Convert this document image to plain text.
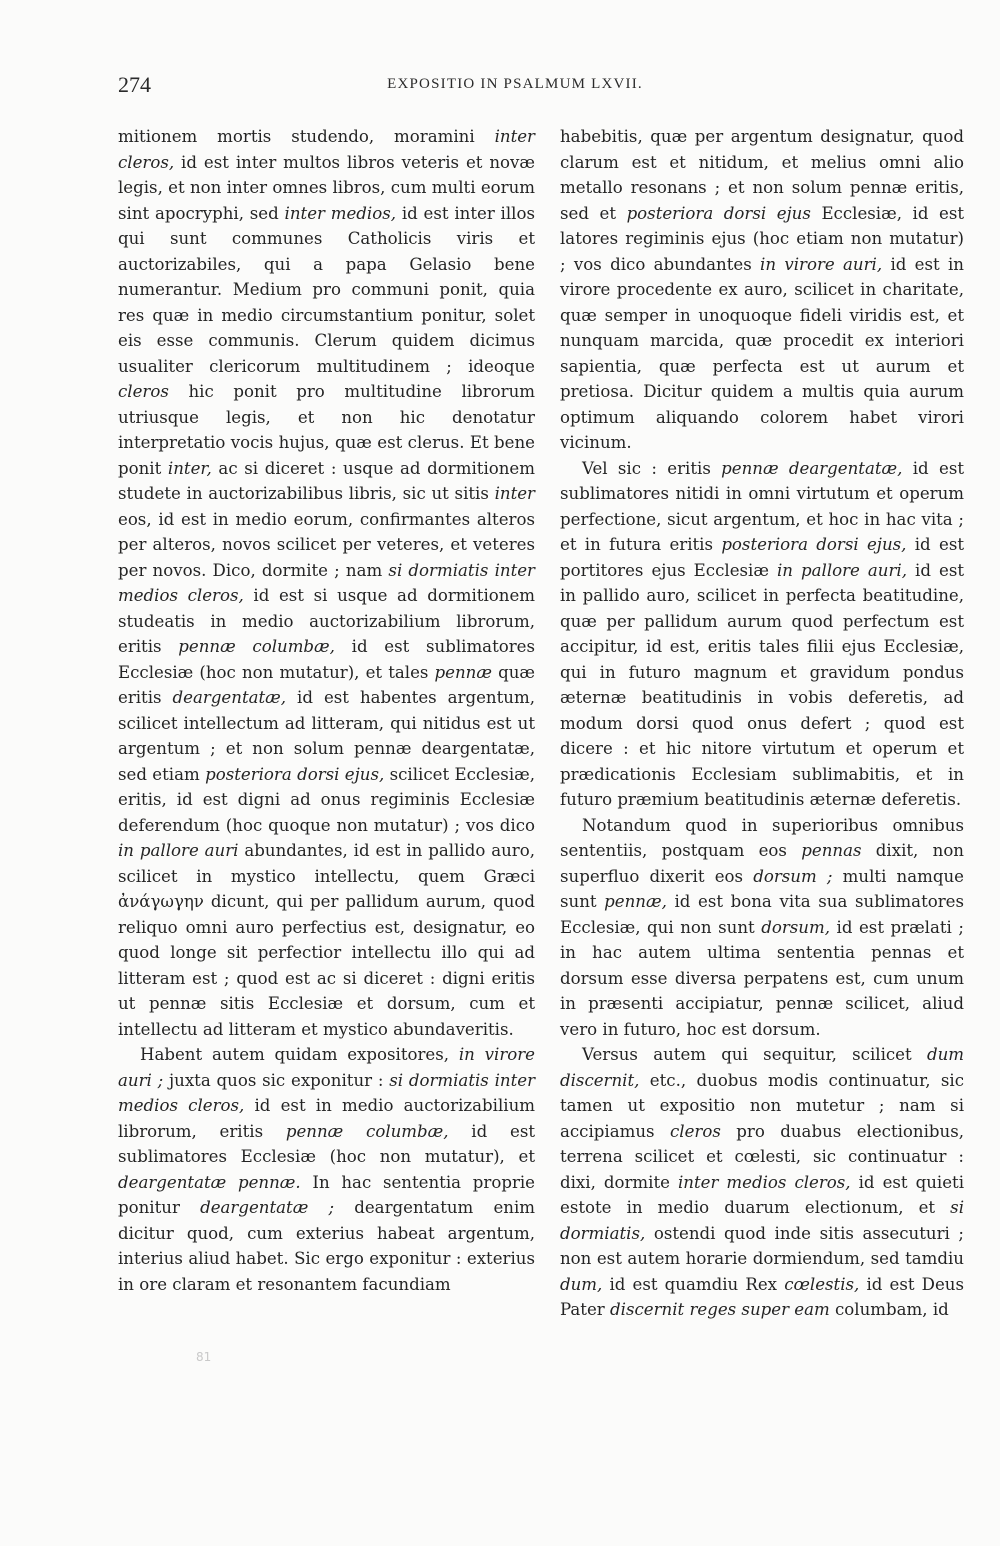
274	EXPOSITIO IN PSALMUM LXVII.

mitionem mortis studendo, moramini inter cleros, id est inter multos libros veteris et novæ legis, et non inter omnes libros, cum multi eorum sint apocryphi, sed inter medios, id est inter illos qui sunt communes Catholicis viris et auctorizabiles, qui a papa Gelasio bene numerantur. Medium pro communi ponit, quia res quæ in medio circumstantium ponitur, solet eis esse communis. Clerum quidem dicimus usualiter clericorum multitudinem ; ideoque cleros hic ponit pro multitudine librorum utriusque legis, et non hic denotatur interpretatio vocis hujus, quæ est clerus. Et bene ponit inter, ac si diceret : usque ad dormitionem studete in auctorizabilibus libris, sic ut sitis inter eos, id est in medio eorum, confirmantes alteros per alteros, novos scilicet per veteres, et veteres per novos. Dico, dormite ; nam si dormiatis inter medios cleros, id est si usque ad dormitionem studeatis in medio auctorizabilium librorum, eritis pennæ columbæ, id est sublimatores Ecclesiæ (hoc non mutatur), et tales pennæ quæ eritis deargentatæ, id est habentes argentum, scilicet intellectum ad litteram, qui nitidus est ut argentum ; et non solum pennæ deargentatæ, sed etiam posteriora dorsi ejus, scilicet Ecclesiæ, eritis, id est digni ad onus regiminis Ecclesiæ deferendum (hoc quoque non mutatur) ; vos dico in pallore auri abundantes, id est in pallido auro, scilicet in mystico intellectu, quem Græci ἀνάγωγην dicunt, qui per pallidum aurum, quod reliquo omni auro perfectius est, designatur, eo quod longe sit perfectior intellectu illo qui ad litteram est ; quod est ac si diceret : digni eritis ut pennæ sitis Ecclesiæ et dorsum, cum et intellectu ad litteram et mystico abundaveritis.

Habent autem quidam expositores, in virore auri ; juxta quos sic exponitur : si dormiatis inter medios cleros, id est in medio auctorizabilium librorum, eritis pennæ columbæ, id est sublimatores Ecclesiæ (hoc non mutatur), et deargentatæ pennæ. In hac sententia proprie ponitur deargentatæ ; deargentatum enim dicitur quod, cum exterius habeat argentum, interius aliud habet. Sic ergo exponitur : exterius in ore claram et resonantem facundiam

habebitis, quæ per argentum designatur, quod clarum est et nitidum, et melius omni alio metallo resonans ; et non solum pennæ eritis, sed et posteriora dorsi ejus Ecclesiæ, id est latores regiminis ejus (hoc etiam non mutatur) ; vos dico abundantes in virore auri, id est in virore procedente ex auro, scilicet in charitate, quæ semper in unoquoque fideli viridis est, et nunquam marcida, quæ procedit ex interiori sapientia, quæ perfecta est ut aurum et pretiosa. Dicitur quidem a multis quia aurum optimum aliquando colorem habet virori vicinum.

Vel sic : eritis pennæ deargentatæ, id est sublimatores nitidi in omni virtutum et operum perfectione, sicut argentum, et hoc in hac vita ; et in futura eritis posteriora dorsi ejus, id est portitores ejus Ecclesiæ in pallore auri, id est in pallido auro, scilicet in perfecta beatitudine, quæ per pallidum aurum quod perfectum est accipitur, id est, eritis tales filii ejus Ecclesiæ, qui in futuro magnum et gravidum pondus æternæ beatitudinis in vobis deferetis, ad modum dorsi quod onus defert ; quod est dicere : et hic nitore virtutum et operum et prædicationis Ecclesiam sublimabitis, et in futuro præmium beatitudinis æternæ deferetis.

Notandum quod in superioribus omnibus sententiis, postquam eos pennas dixit, non superfluo dixerit eos dorsum ; multi namque sunt pennæ, id est bona vita sua sublimatores Ecclesiæ, qui non sunt dorsum, id est prælati ; in hac autem ultima sententia pennas et dorsum esse diversa perpatens est, cum unum in præsenti accipiatur, pennæ scilicet, aliud vero in futuro, hoc est dorsum.

Versus autem qui sequitur, scilicet dum discernit, etc., duobus modis continuatur, sic tamen ut expositio non mutetur ; nam si accipiamus cleros pro duabus electionibus, terrena scilicet et cœlesti, sic continuatur : dixi, dormite inter medios cleros, id est quieti estote in medio duarum electionum, et si dormiatis, ostendi quod inde sitis assecuturi ; non est autem horarie dormiendum, sed tamdiu dum, id est quamdiu Rex cœlestis, id est Deus Pater discernit reges super eam columbam, id

81
